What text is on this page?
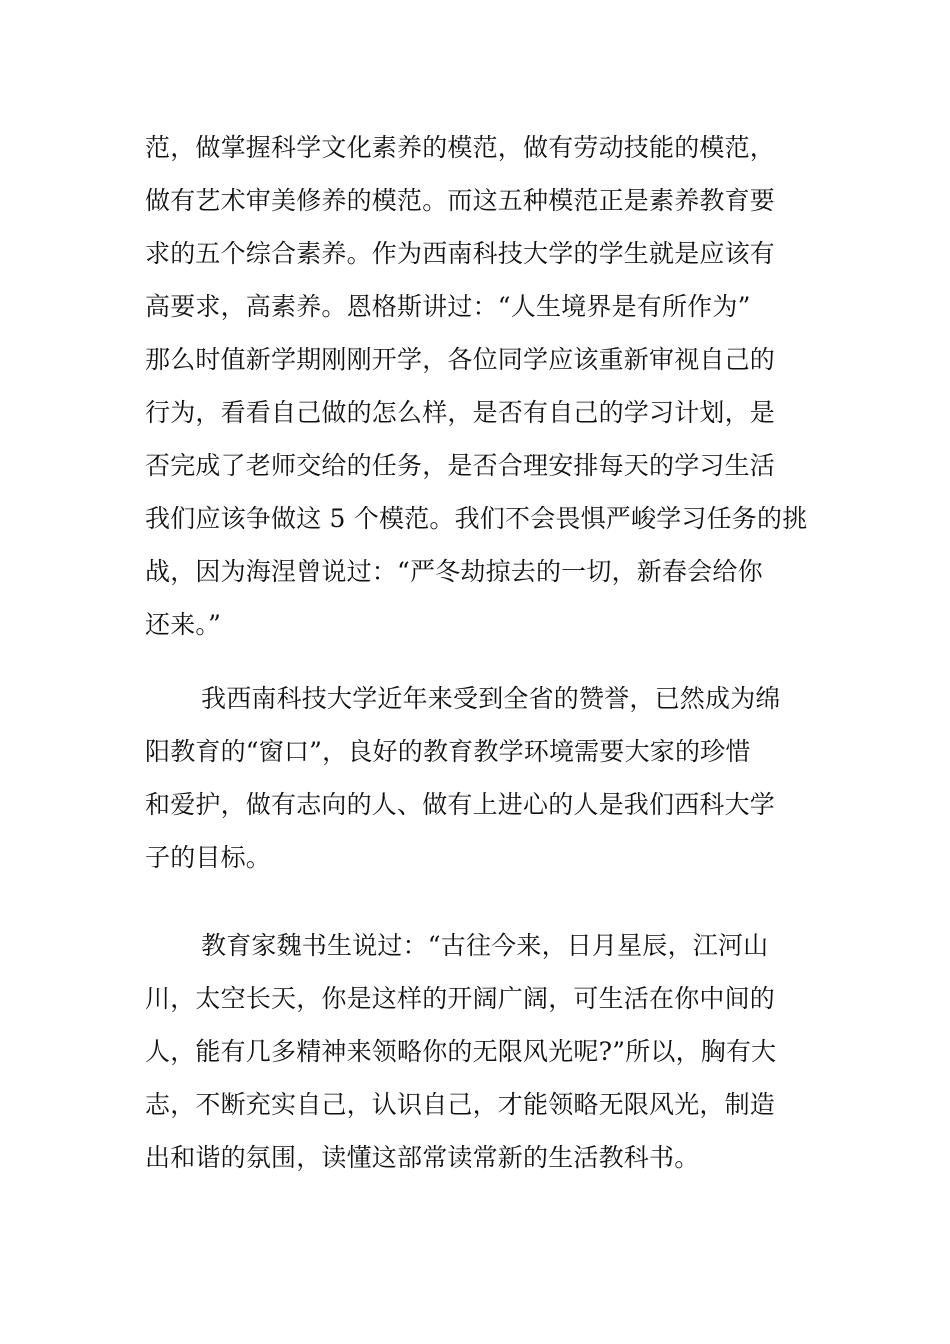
范，做掌握科学文化素养的模范，做有劳动技能的模范，
做有艺术审美修养的模范。而这五种模范正是素养教育要
求的五个综合素养。作为西南科技大学的学生就是应该有
高要求，高素养。恩格斯讲过：“人生境界是有所作为”
那么时值新学期刚刚开学，各位同学应该重新审视自己的
行为，看看自己做的怎么样，是否有自己的学习计划，是
否完成了老师交给的任务，是否合理安排每天的学习生活
我们应该争做这 5 个模范。我们不会畏惧严峻学习任务的挑
战，因为海涅曾说过：“严冬劫掠去的一切，新春会给你
还来。”
我西南科技大学近年来受到全省的赞誉，已然成为绵
阳教育的“窗口”，良好的教育教学环境需要大家的珍惜
和爱护，做有志向的人、做有上进心的人是我们西科大学
子的目标。
教育家魏书生说过：“古往今来，日月星辰，江河山
川，太空长天，你是这样的开阔广阔，可生活在你中间的
人，能有几多精神来领略你的无限风光呢?”所以，胸有大
志，不断充实自己，认识自己，才能领略无限风光，制造
出和谐的氛围，读懂这部常读常新的生活教科书。
